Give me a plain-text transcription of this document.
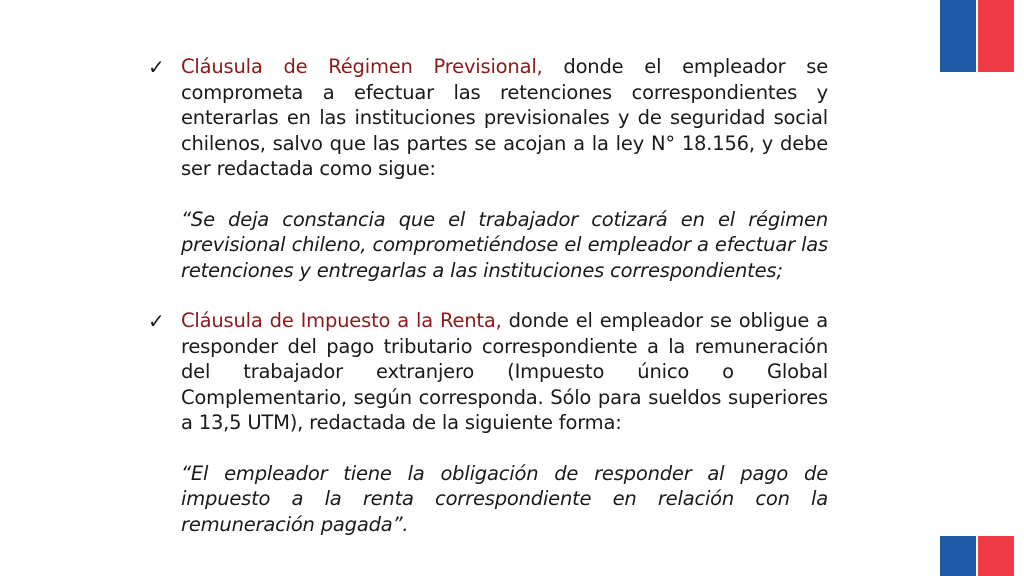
✓ Cláusula de Régimen Previsional, donde el empleador se comprometa a efectuar las retenciones correspondientes y enterarlas en las instituciones previsionales y de seguridad social chilenos, salvo que las partes se acojan a la ley N° 18.156, y debe ser redactada como sigue:

“Se deja constancia que el trabajador cotizará en el régimen previsional chileno, comprometiéndose el empleador a efectuar las retenciones y entregarlas a las instituciones correspondientes;

✓ Cláusula de Impuesto a la Renta, donde el empleador se obligue a responder del pago tributario correspondiente a la remuneración del trabajador extranjero (Impuesto único o Global Complementario, según corresponda. Sólo para sueldos superiores a 13,5 UTM), redactada de la siguiente forma:

“El empleador tiene la obligación de responder al pago de impuesto a la renta correspondiente en relación con la remuneración pagada”.
